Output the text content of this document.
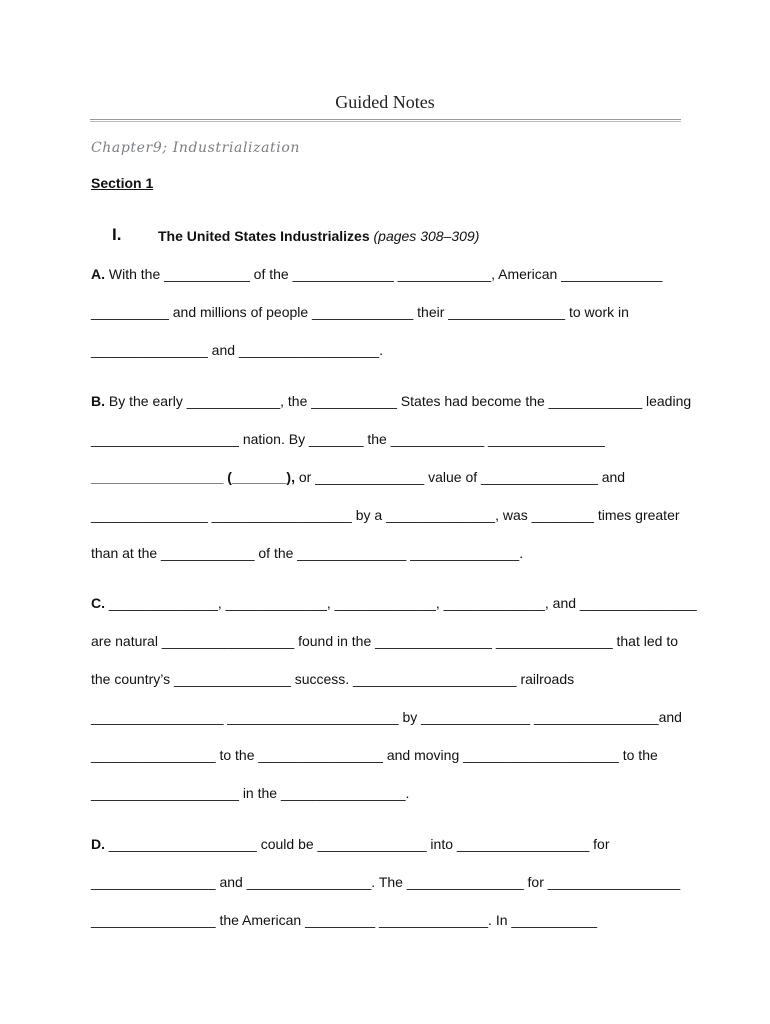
Guided Notes
Chapter9; Industrialization
Section 1
I.	The United States Industrializes (pages 308–309)
A. With the ___________ of the _____________ ____________, American _____________
__________ and millions of people _____________ their _______________ to work in
_______________ and __________________.
B. By the early ____________, the ___________ States had become the ____________ leading
___________________ nation. By _______ the ____________ _______________
_________________ (_______), or ______________ value of _______________ and
_______________ __________________ by a ______________, was ________ times greater
than at the ____________ of the ______________ ______________.
C. ______________, _____________, _____________, _____________, and _______________
are natural _________________ found in the _______________ _______________ that led to
the country’s _______________ success. _____________________ railroads
_________________ ______________________ by ______________ ________________and
________________ to the ________________ and moving ____________________ to the
___________________ in the ________________.
D. ___________________ could be ______________ into _________________ for
________________ and ________________. The _______________ for _________________
________________ the American _________ ______________. In ___________
